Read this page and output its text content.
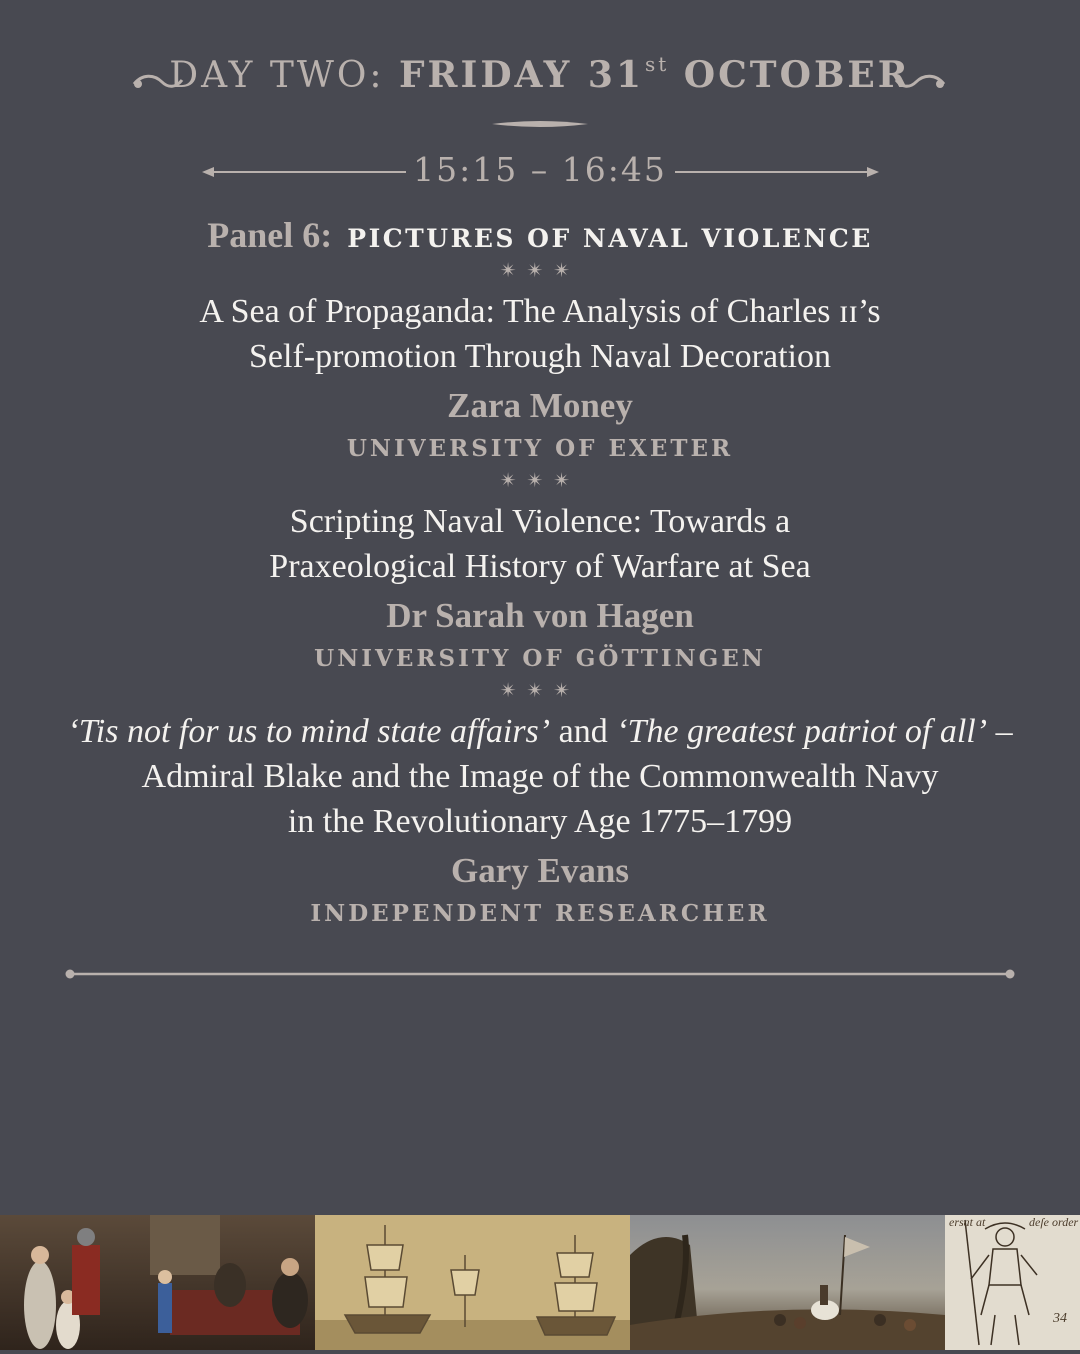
DAY TWO: FRIDAY 31st OCTOBER
15:15 – 16:45
Panel 6: PICTURES OF NAVAL VIOLENCE
✴✴✴
A Sea of Propaganda: The Analysis of Charles ɪɪ’s
Self-promotion Through Naval Decoration
Zara Money
UNIVERSITY OF EXETER
✴✴✴
Scripting Naval Violence: Towards a
Praxeological History of Warfare at Sea
Dr Sarah von Hagen
UNIVERSITY OF GÖTTINGEN
✴✴✴
‘Tis not for us to mind state affairs’ and ‘The greatest patriot of all’ –
Admiral Blake and the Image of the Commonwealth Navy
in the Revolutionary Age 1775–1799
Gary Evans
INDEPENDENT RESEARCHER
ersat at	deſe order
34
